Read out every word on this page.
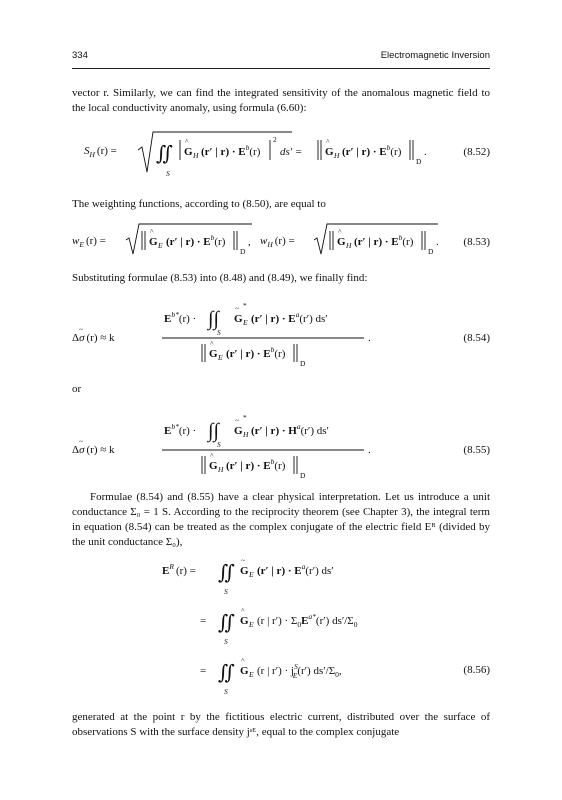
334	Electromagnetic Inversion

vector r. Similarly, we can find the integrated sensitivity of the anomalous magnetic field to the local conductivity anomaly, using formula (6.60):

$S_H$ (r) = ∬
S
G
^
H (r′ | $r) \cdot E^b(r)$
2
ds′ = G
^
H (r′ | $r) \cdot E^b(r)$
D
.	(8.52)

The weighting functions, according to (8.50), are equal to

$w_E$ (r) =	G
^
E (r′ | $r) \cdot E^b(r)$
D
, $w_H$ (r) =	G
^
H (r′ | $r) \cdot E^b(r)$
D
. (8.53)

Substituting formulae (8.53) into (8.48) and (8.49), we finally find:

Δσ (r) ≈ k
~
$E^{b*}(r)$ · ∫∫
S
G
~ *
E (r′ | $r) \cdot E^a(r')$ ds′
G
^
E (r′ | $r) \cdot E^b(r)$
D
.	(8.54)

or

Δσ (r) ≈ k
~
$E^{b*}(r)$ · ∫∫
S
G
~ *
H (r′ | $r) \cdot H^a(r')$ ds′
G
^
H (r′ | $r) \cdot E^b(r)$
D
.	(8.55)

Formulae (8.54) and (8.55) have a clear physical interpretation. Let us introduce a unit conductance Σ₀ = 1 S. According to the reciprocity theorem (see Chapter 3), the integral term in equation (8.54) can be treated as the complex conjugate of the electric field Eᴿ (divided by the unit conductance Σ₀),

$E^R$ (r) = ∬
S
G
~
E (r′ | $r) \cdot E^a(r')$ ds′
= ∬
S
G
^
E (r | $r') \cdot \Sigma_0E^{a*}(r')$ $ds'/\Sigma_0$
= ∬
S
G
^
E (r | $r') \cdot j^S$ E(r′) $ds'/\Sigma_0$,	(8.56)

generated at the point r by the fictitious electric current, distributed over the surface of observations S with the surface density jˢᴱ, equal to the complex conjugate
